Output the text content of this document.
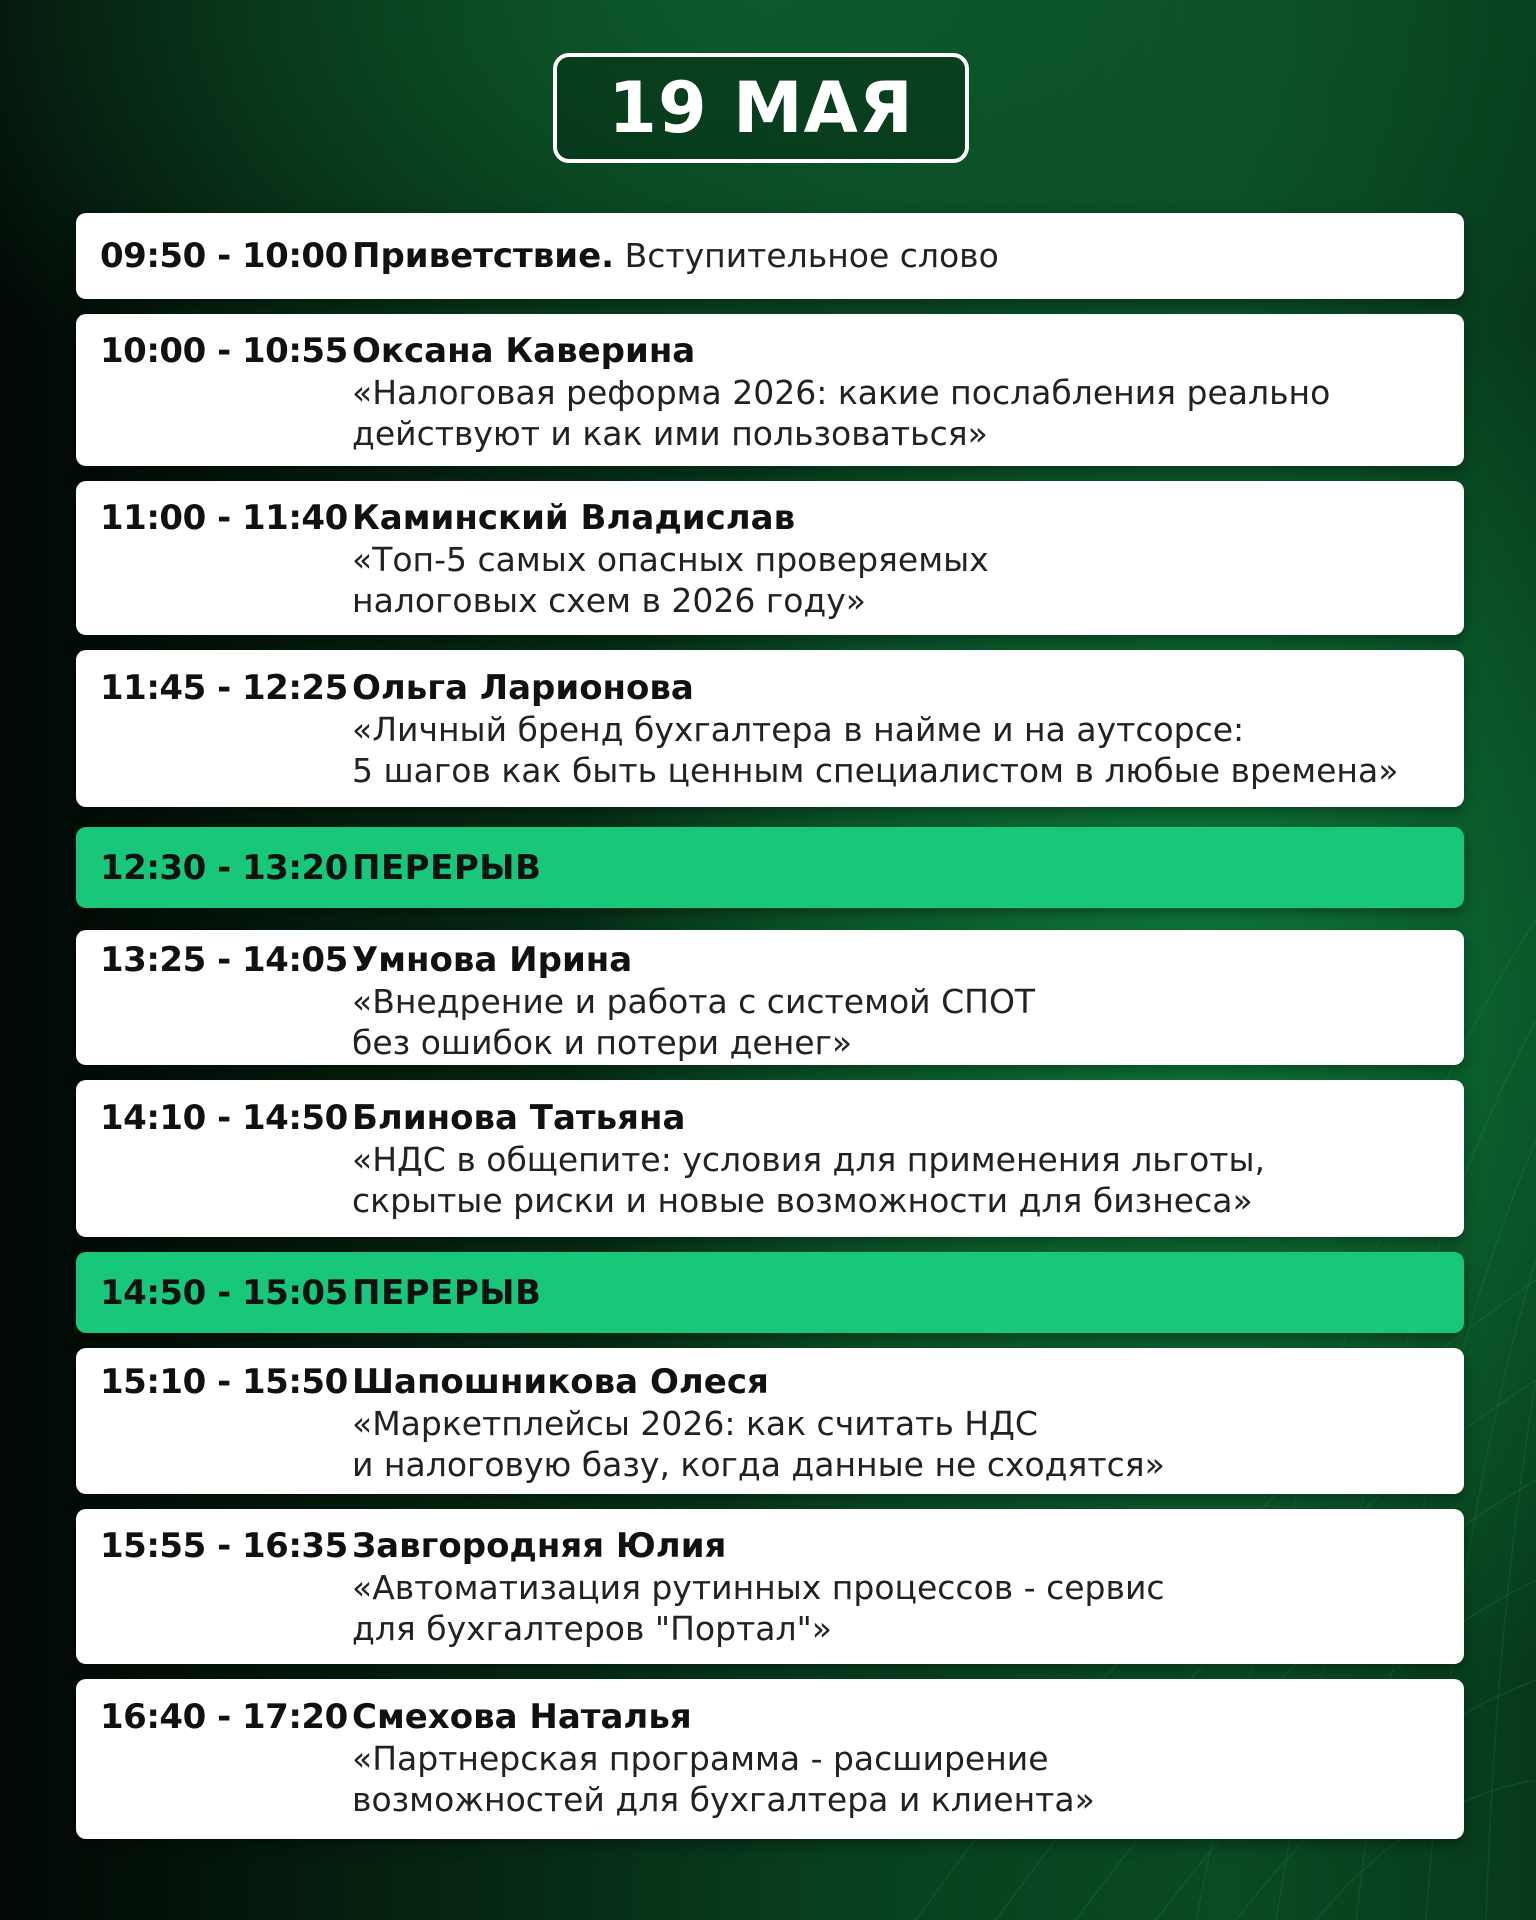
19 МАЯ
09:50 - 10:00 Приветствие. Вступительное слово
10:00 - 10:55 Оксана Каверина
«Налоговая реформа 2026: какие послабления реально
действуют и как ими пользоваться»
11:00 - 11:40 Каминский Владислав
«Топ-5 самых опасных проверяемых
налоговых схем в 2026 году»
11:45 - 12:25 Ольга Ларионова
«Личный бренд бухгалтера в найме и на аутсорсе:
5 шагов как быть ценным специалистом в любые времена»
12:30 - 13:20 ПЕРЕРЫВ
13:25 - 14:05 Умнова Ирина
«Внедрение и работа с системой СПОТ
без ошибок и потери денег»
14:10 - 14:50 Блинова Татьяна
«НДС в общепите: условия для применения льготы,
скрытые риски и новые возможности для бизнеса»
14:50 - 15:05 ПЕРЕРЫВ
15:10 - 15:50 Шапошникова Олеся
«Маркетплейсы 2026: как считать НДС
и налоговую базу, когда данные не сходятся»
15:55 - 16:35 Завгородняя Юлия
«Автоматизация рутинных процессов - сервис
для бухгалтеров "Портал"»
16:40 - 17:20 Смехова Наталья
«Партнерская программа - расширение
возможностей для бухгалтера и клиента»
